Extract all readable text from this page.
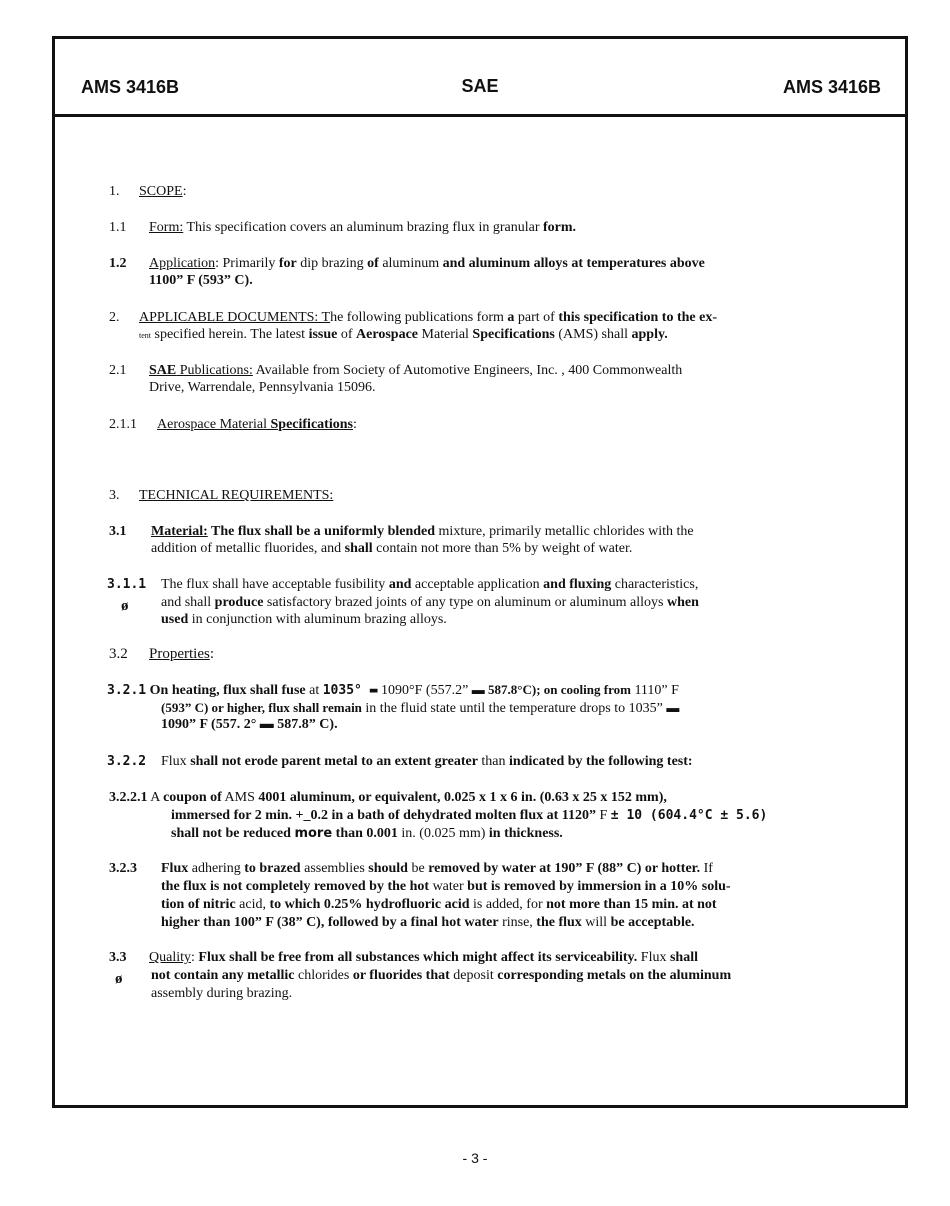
AMS 3416B	SAE	AMS 3416B
1. SCOPE:
1.1 Form: This specification covers an aluminum brazing flux in granular form.
1.2 Application: Primarily for dip brazing of aluminum and aluminum alloys at temperatures above
1100” F (593” C).
2. APPLICABLE DOCUMENTS: The following publications form a part of this specification to the ex-
tent specified herein. The latest issue of Aerospace Material Specifications (AMS) shall apply.
2.1 SAE Publications: Available from Society of Automotive Engineers, Inc. , 400 Commonwealth
Drive, Warrendale, Pennsylvania 15096.
2.1.1 Aerospace Material Specifications:
3. TECHNICAL REQUIREMENTS:
3.1 Material: The flux shall be a uniformly blended mixture, primarily metallic chlorides with the
addition of metallic fluorides, and shall contain not more than 5% by weight of water.
3.1.1
ø
The flux shall have acceptable fusibility and acceptable application and fluxing characteristics,
and shall produce satisfactory brazed joints of any type on aluminum or aluminum alloys when
used in conjunction with aluminum brazing alloys.
3.2 Properties:
3.2.1 On heating, flux shall fuse at 1035° ▬ 1090°F (557.2” ▬ 587.8°C); on cooling from 1110” F
(593” C) or higher, flux shall remain in the fluid state until the temperature drops to 1035” ▬
1090” F (557. 2° ▬ 587.8” C).
3.2.2 Flux shall not erode parent metal to an extent greater than indicated by the following test:
3.2.2.1 A coupon of AMS 4001 aluminum, or equivalent, 0.025 x 1 x 6 in. (0.63 x 25 x 152 mm),
immersed for 2 min. +_0.2 in a bath of dehydrated molten flux at 1120” F ± 10 (604.4°C ± 5.6)
shall not be reduced more than 0.001 in. (0.025 mm) in thickness.
3.2.3 Flux adhering to brazed assemblies should be removed by water at 190” F (88” C) or hotter. If
the flux is not completely removed by the hot water but is removed by immersion in a 10% solu-
tion of nitric acid, to which 0.25% hydrofluoric acid is added, for not more than 15 min. at not
higher than 100” F (38” C), followed by a final hot water rinse, the flux will be acceptable.
3.3
ø
Quality: Flux shall be free from all substances which might affect its serviceability. Flux shall
not contain any metallic chlorides or fluorides that deposit corresponding metals on the aluminum
assembly during brazing.
- 3 -
